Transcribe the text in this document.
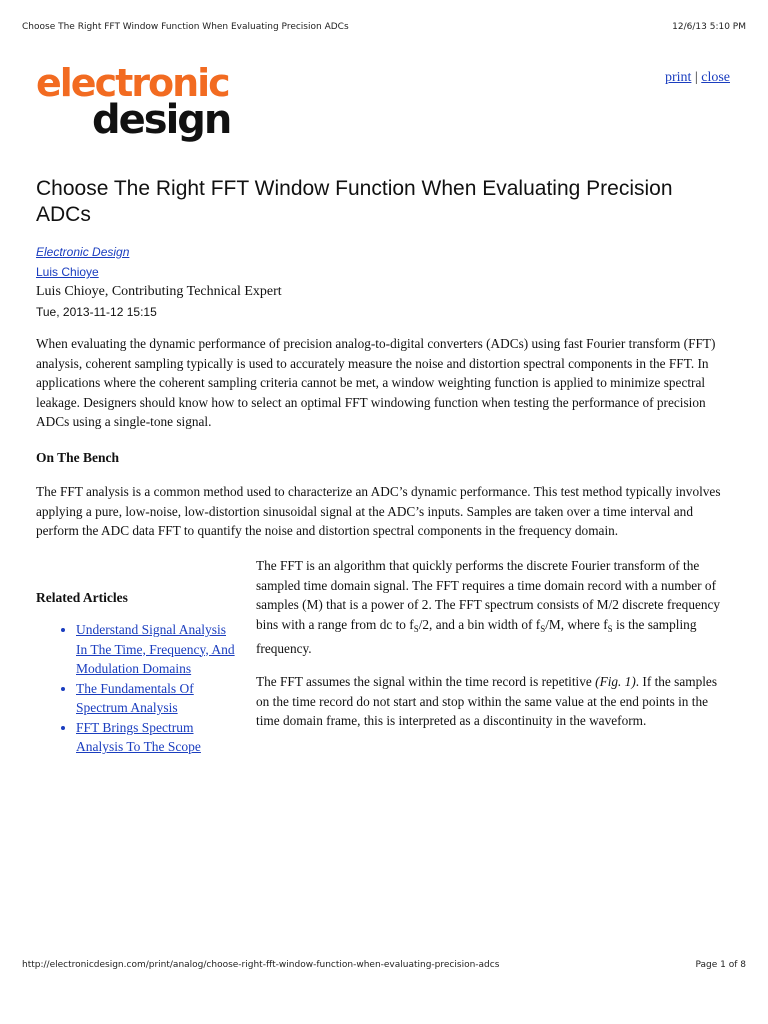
Choose The Right FFT Window Function When Evaluating Precision ADCs	12/6/13 5:10 PM
electronic
design
print | close
Choose The Right FFT Window Function When Evaluating Precision ADCs
Electronic Design
Luis Chioye
Luis Chioye, Contributing Technical Expert
Tue, 2013-11-12 15:15

When evaluating the dynamic performance of precision analog-to-digital converters (ADCs) using fast Fourier transform (FFT) analysis, coherent sampling typically is used to accurately measure the noise and distortion spectral components in the FFT. In applications where the coherent sampling criteria cannot be met, a window weighting function is applied to minimize spectral leakage. Designers should know how to select an optimal FFT windowing function when testing the performance of precision ADCs using a single-tone signal.

On The Bench

The FFT analysis is a common method used to characterize an ADC’s dynamic performance. This test method typically involves applying a pure, low-noise, low-distortion sinusoidal signal at the ADC’s inputs. Samples are taken over a time interval and perform the ADC data FFT to quantify the noise and distortion spectral components in the frequency domain.

The FFT is an algorithm that quickly performs the discrete Fourier transform of the sampled time domain signal. The FFT requires a time domain record with a number of samples (M) that is a power of 2. The FFT spectrum consists of M/2 discrete frequency bins with a range from dc to $f_S/2$, and a bin width of $f_S/M$, where $f_S$ is the sampling frequency.

The FFT assumes the signal within the time record is repetitive (Fig. 1). If the samples on the time record do not start and stop within the same value at the end points in the time domain frame, this is interpreted as a discontinuity in the waveform.

Related Articles
• Understand Signal Analysis In The Time, Frequency, And Modulation Domains
• The Fundamentals Of Spectrum Analysis
• FFT Brings Spectrum Analysis To The Scope
http://electronicdesign.com/print/analog/choose-right-fft-window-function-when-evaluating-precision-adcs	Page 1 of 8
